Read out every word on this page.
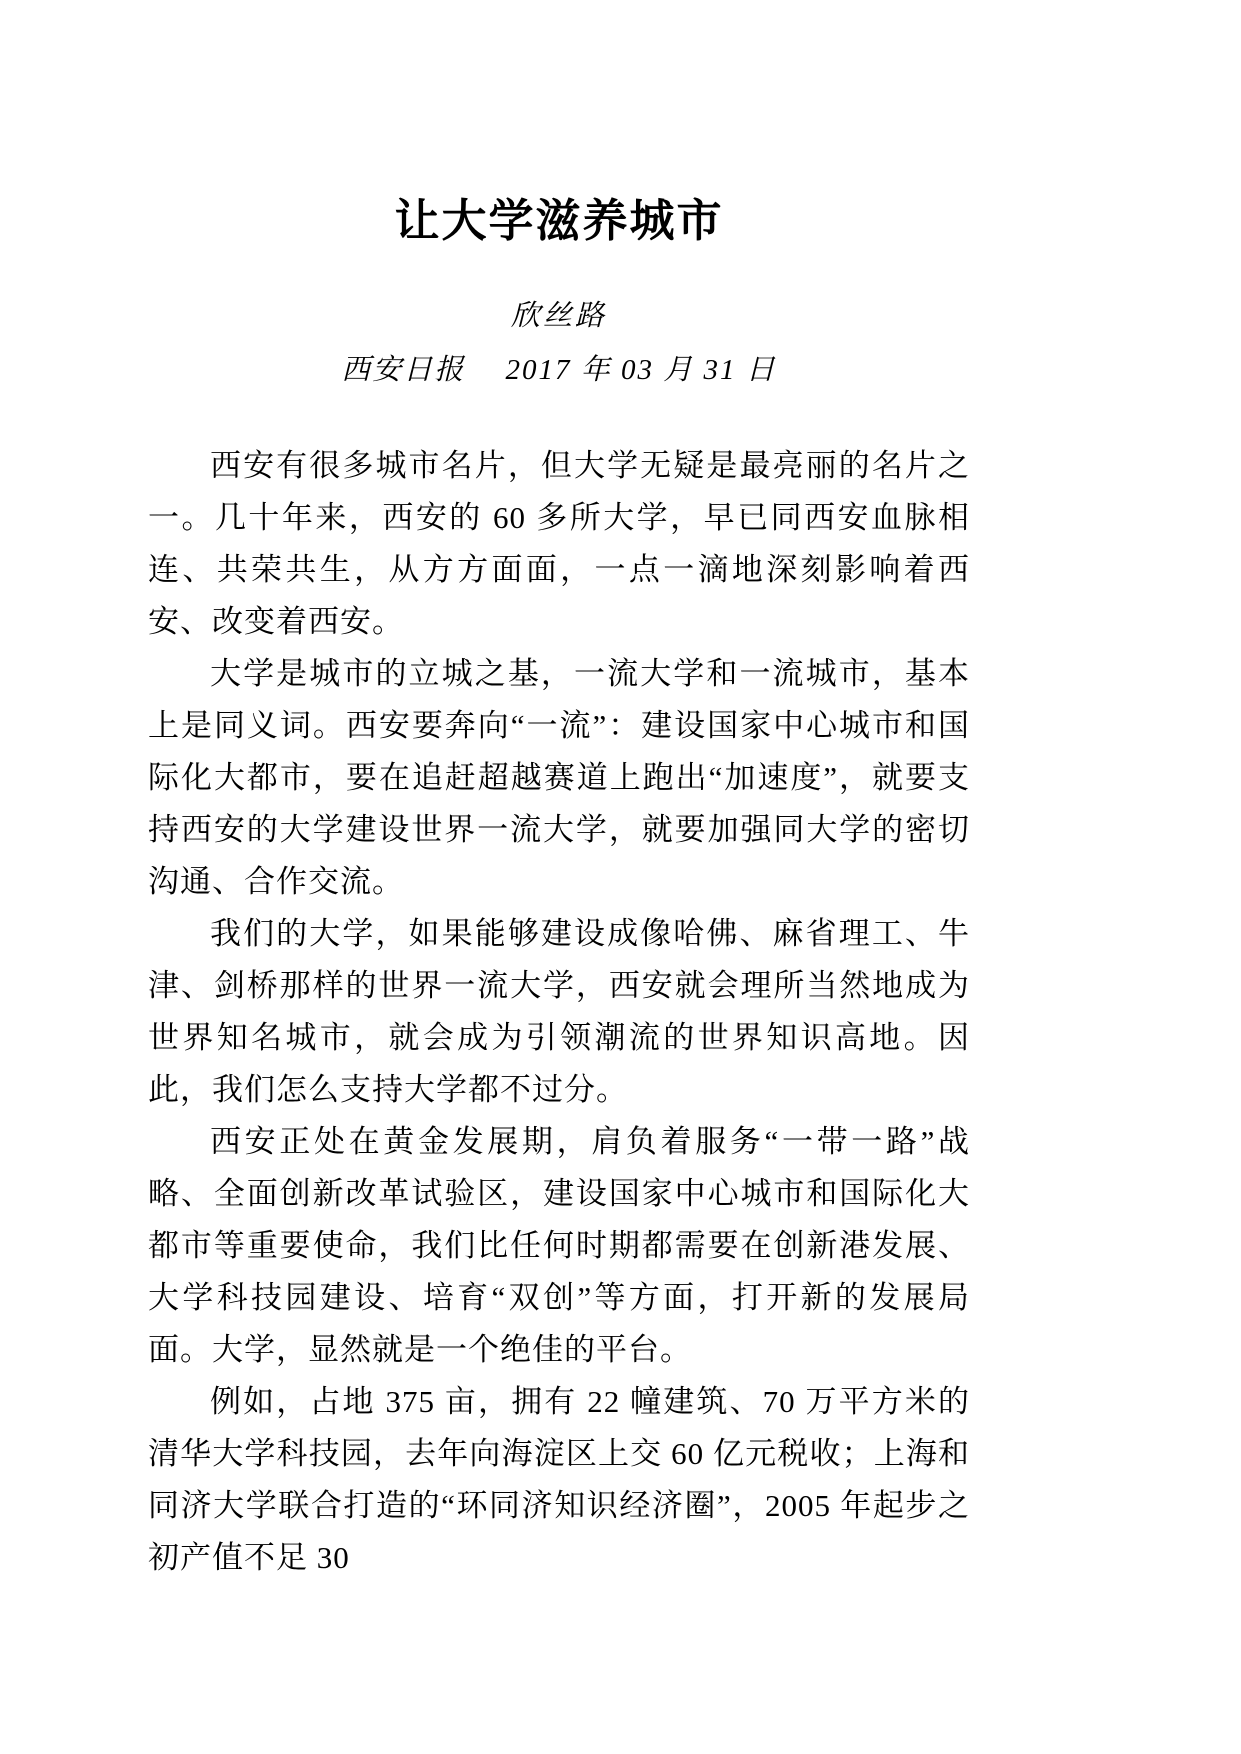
让大学滋养城市
欣丝路
西安日报　 2017 年 03 月 31 日

西安有很多城市名片，但大学无疑是最亮丽的名片之一。几十年来，西安的 60 多所大学，早已同西安血脉相连、共荣共生，从方方面面，一点一滴地深刻影响着西安、改变着西安。

大学是城市的立城之基，一流大学和一流城市，基本上是同义词。西安要奔向“一流”：建设国家中心城市和国际化大都市，要在追赶超越赛道上跑出“加速度”，就要支持西安的大学建设世界一流大学，就要加强同大学的密切沟通、合作交流。

我们的大学，如果能够建设成像哈佛、麻省理工、牛津、剑桥那样的世界一流大学，西安就会理所当然地成为世界知名城市，就会成为引领潮流的世界知识高地。因此，我们怎么支持大学都不过分。

西安正处在黄金发展期，肩负着服务“一带一路”战略、全面创新改革试验区，建设国家中心城市和国际化大都市等重要使命，我们比任何时期都需要在创新港发展、大学科技园建设、培育“双创”等方面，打开新的发展局面。大学，显然就是一个绝佳的平台。

例如，占地 375 亩，拥有 22 幢建筑、70 万平方米的清华大学科技园，去年向海淀区上交 60 亿元税收；上海和同济大学联合打造的“环同济知识经济圈”，2005 年起步之初产值不足 30
